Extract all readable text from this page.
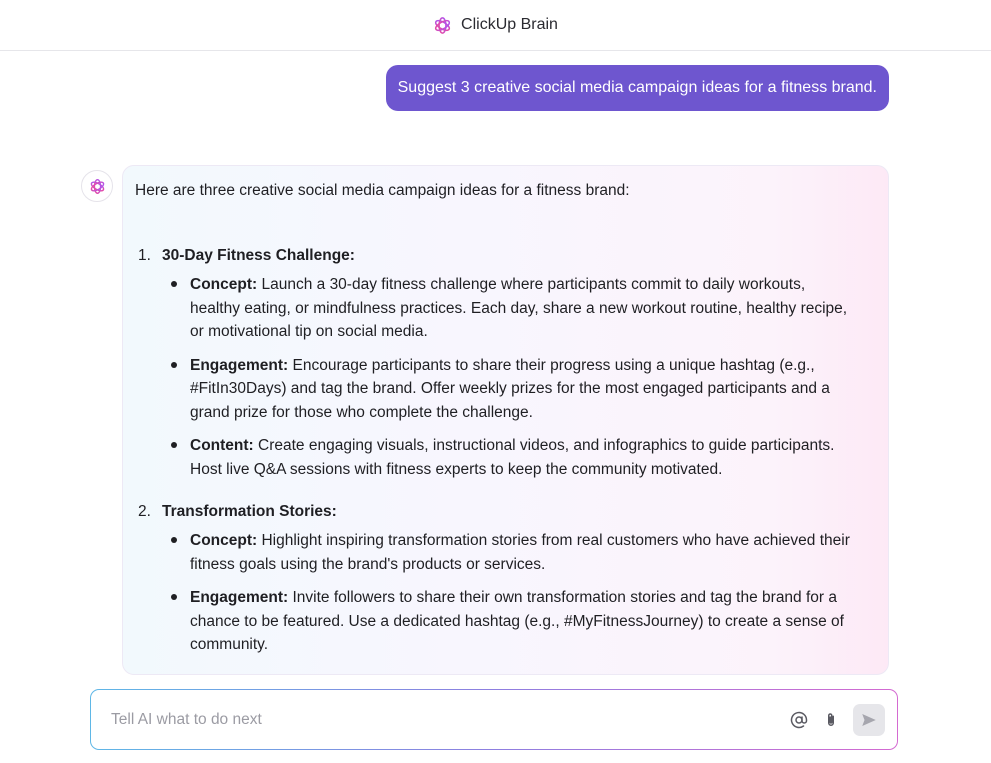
ClickUp Brain
Suggest 3 creative social media campaign ideas for a fitness brand.

Here are three creative social media campaign ideas for a fitness brand:

1. 30-Day Fitness Challenge:
Concept: Launch a 30-day fitness challenge where participants commit to daily workouts, healthy eating, or mindfulness practices. Each day, share a new workout routine, healthy recipe, or motivational tip on social media.
Engagement: Encourage participants to share their progress using a unique hashtag (e.g., #FitIn30Days) and tag the brand. Offer weekly prizes for the most engaged participants and a grand prize for those who complete the challenge.
Content: Create engaging visuals, instructional videos, and infographics to guide participants. Host live Q&A sessions with fitness experts to keep the community motivated.
2. Transformation Stories:
Concept: Highlight inspiring transformation stories from real customers who have achieved their fitness goals using the brand's products or services.
Engagement: Invite followers to share their own transformation stories and tag the brand for a chance to be featured. Use a dedicated hashtag (e.g., #MyFitnessJourney) to create a sense of community.
Tell AI what to do next
